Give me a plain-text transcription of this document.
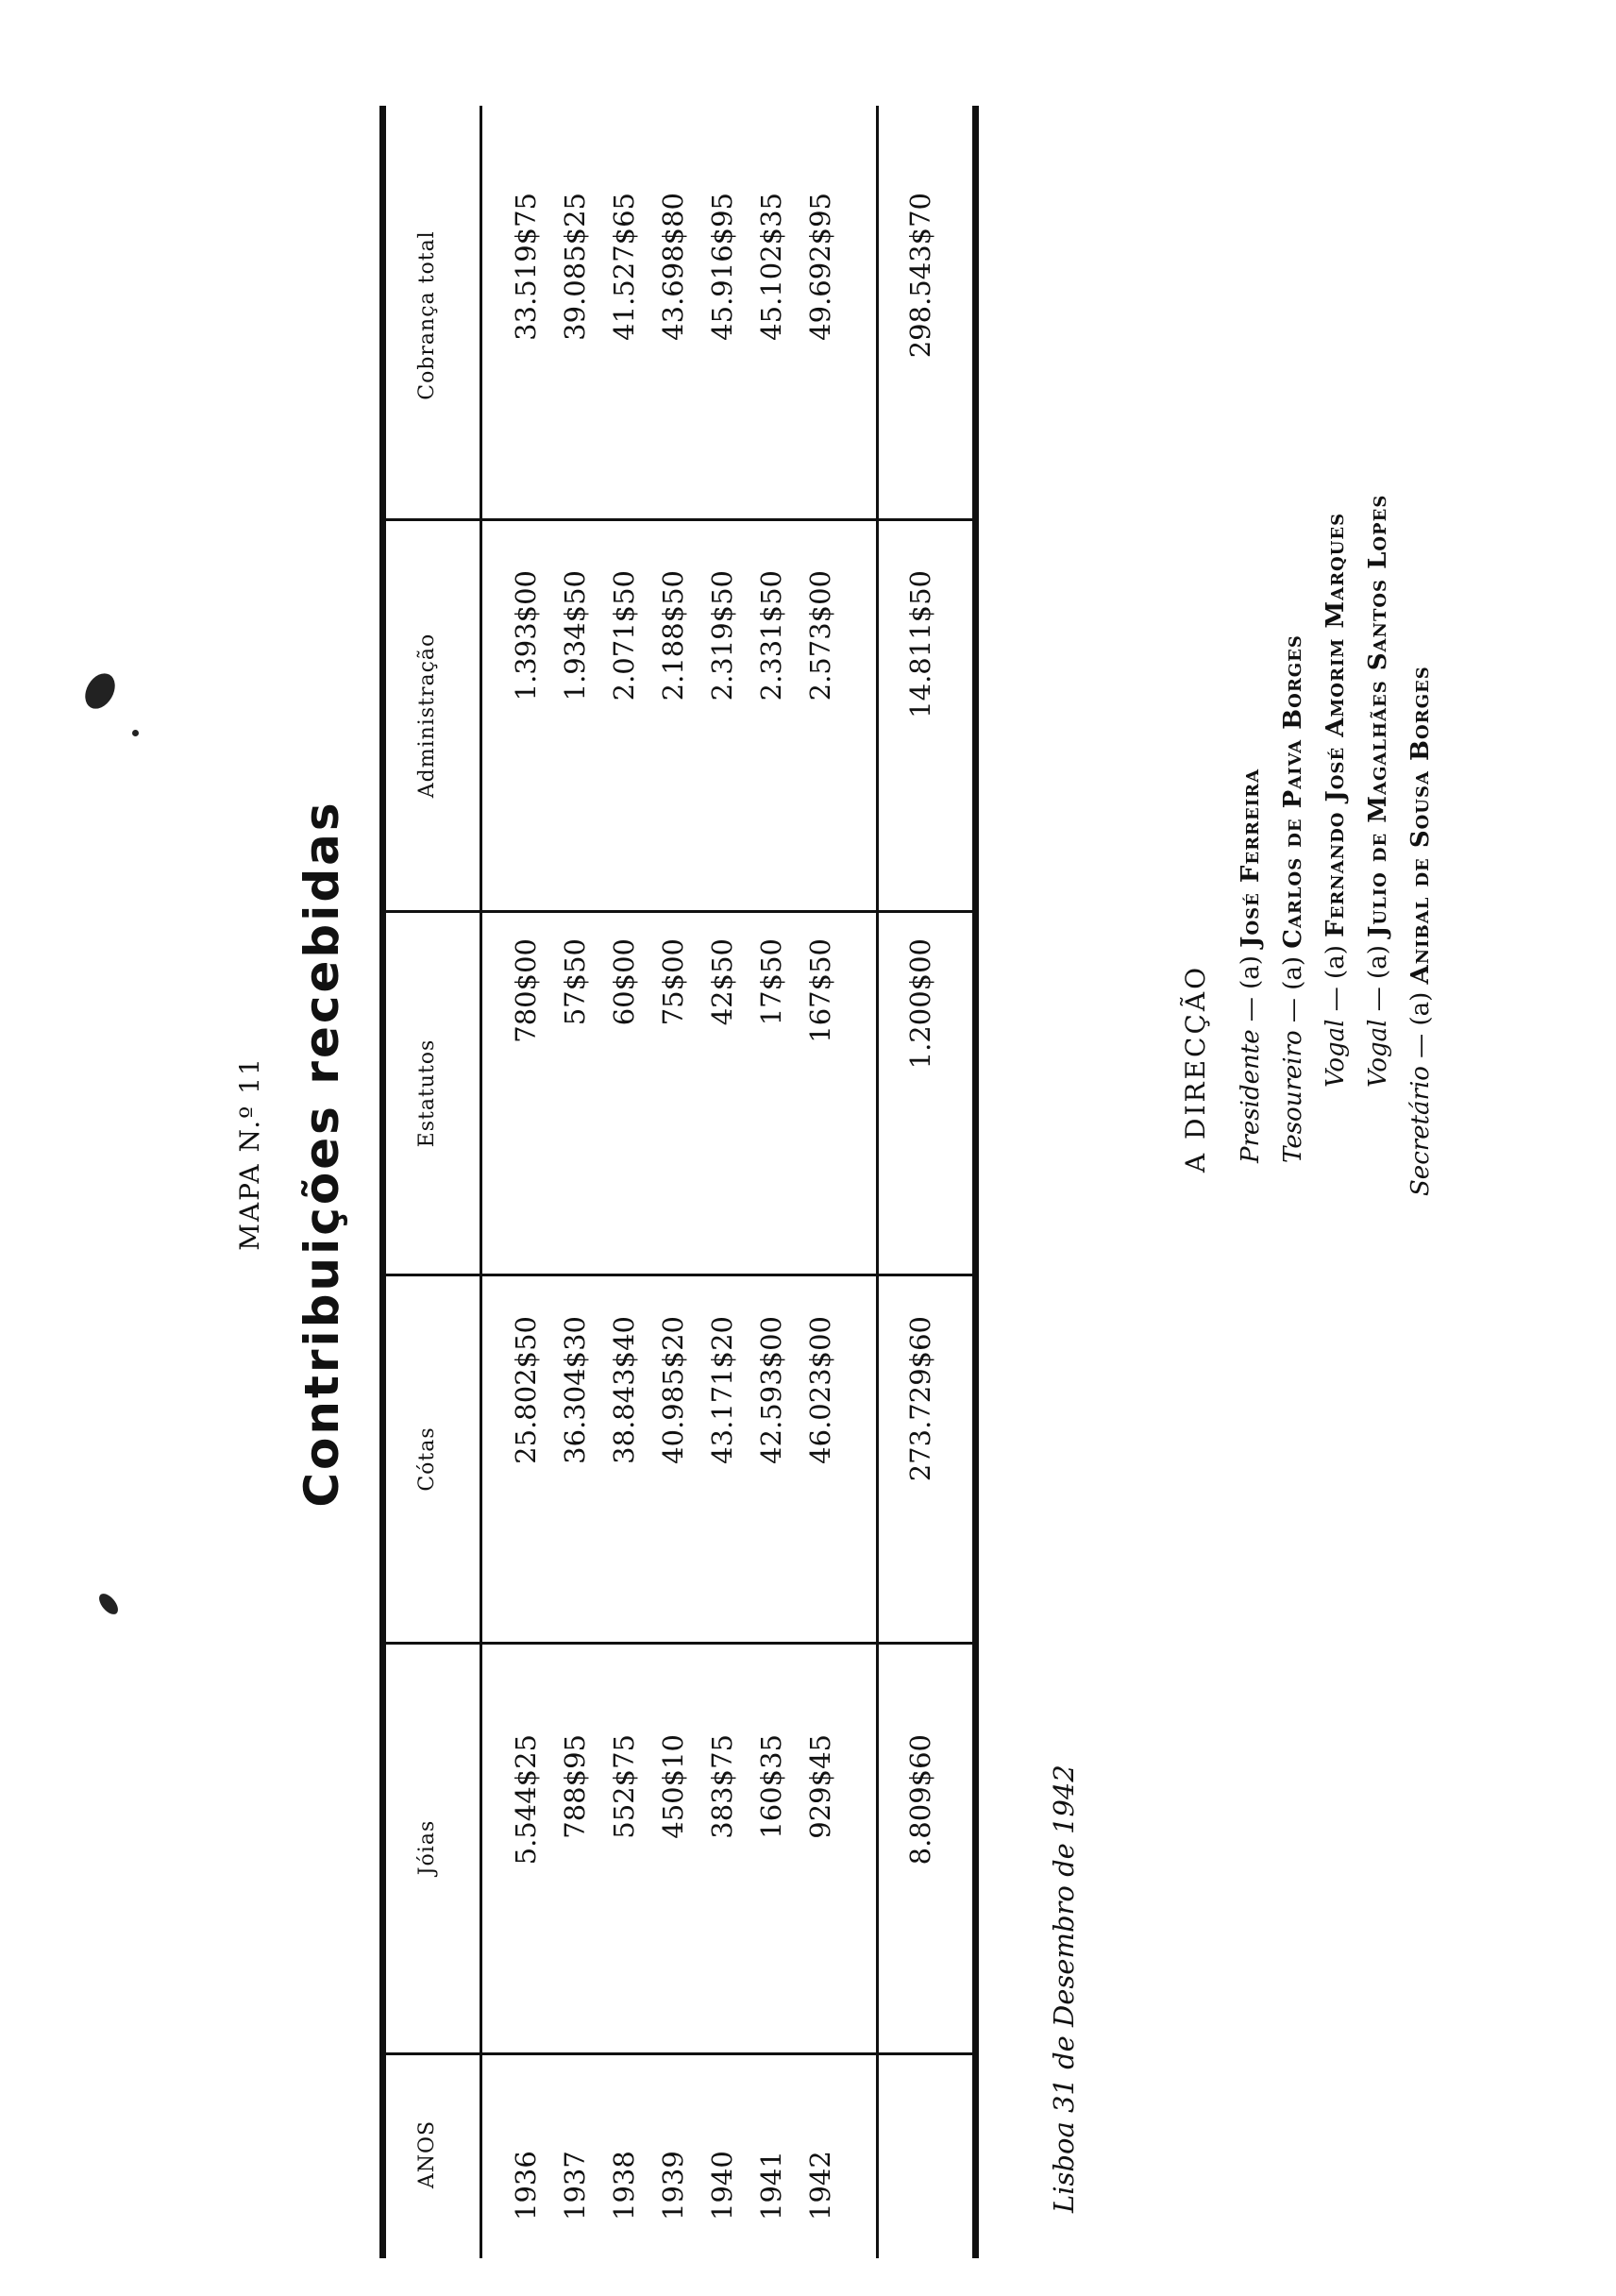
MAPA N.º 11 Contribuições recebidas
ANOS
Jóias
Cótas
Estatutos
Administração
Cobrança total
1936
5.544$25
25.802$50
780$00
1.393$00
33.519$75
1937
788$95
36.304$30
57$50
1.934$50
39.085$25
1938
552$75
38.843$40
60$00
2.071$50
41.527$65
1939
450$10
40.985$20
75$00
2.188$50
43.698$80
1940
383$75
43.171$20
42$50
2.319$50
45.916$95
1941
160$35
42.593$00
17$50
2.331$50
45.102$35
1942
929$45
46.023$00
167$50
2.573$00
49.692$95
8.809$60
273.729$60
1.200$00
14.811$50
298.543$70
Lisboa 31 de Desembro de 1942
A DIRECÇÃO Presidente — (a) José Ferreira
Tesoureiro — (a) Carlos de Paiva Borges
Vogal — (a) Fernando José Amorim Marques
Vogal — (a) Julio de Magalhães Santos Lopes
Secretário — (a) Anibal de Sousa Borges
